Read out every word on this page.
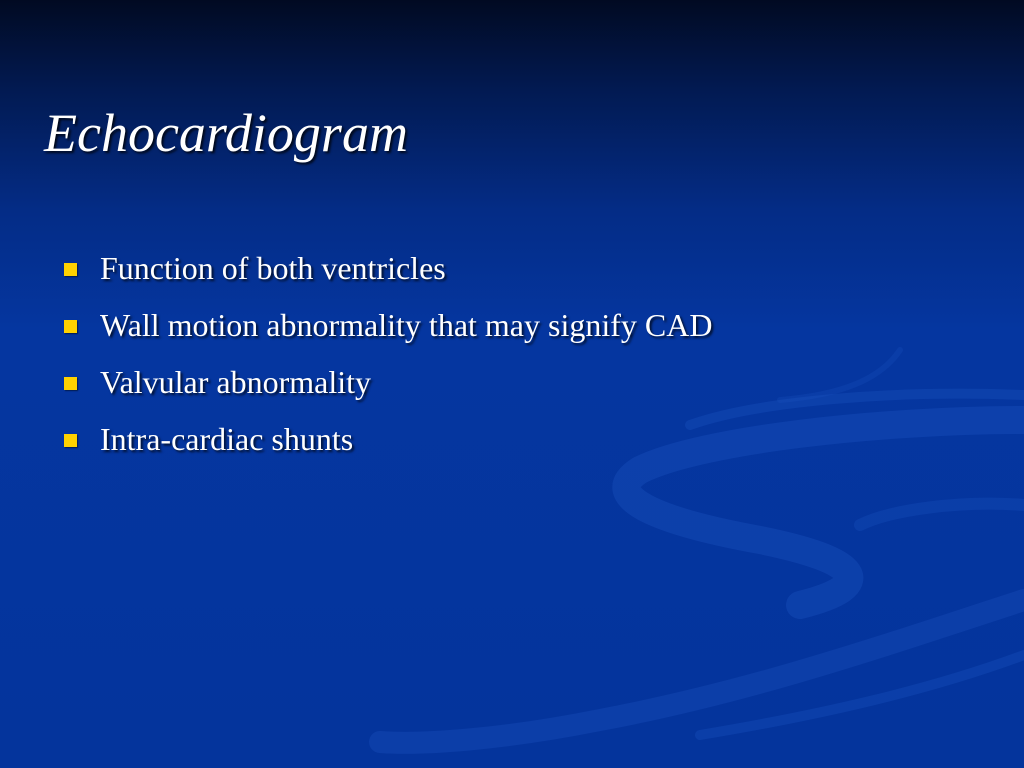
Echocardiogram
Function of both ventricles
Wall motion abnormality that may signify CAD
Valvular abnormality
Intra-cardiac shunts
